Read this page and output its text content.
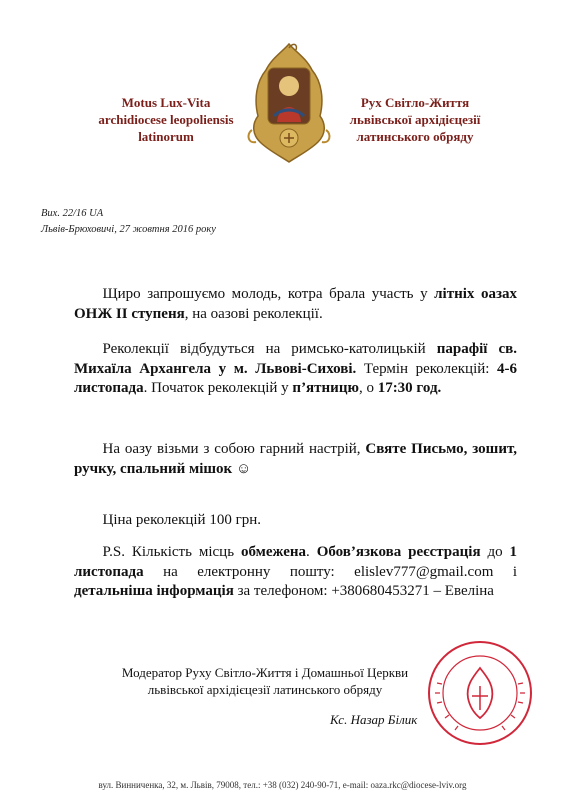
Motus Lux-Vita
archidiocese leopoliensis
latinorum
Рух Світло-Життя
львівської архідієцезії
латинського обряду
Вих. 22/16 UA
Львів-Брюховичі, 27 жовтня 2016 року
Щиро запрошуємо молодь, котра брала участь у літніх оазах ОНЖ ІІ ступеня, на оазові реколекції.
Реколекції відбудуться на римсько-католицькій парафії св. Михаїла Архангела у м. Львові-Сихові. Термін реколекцій: 4-6 листопада. Початок реколекцій у п’ятницю, о 17:30 год.
На оазу візьми з собою гарний настрій, Святе Письмо, зошит, ручку, спальний мішок ☺
Ціна реколекцій 100 грн.
P.S. Кількість місць обмежена. Обов’язкова реєстрація до 1 листопада на електронну пошту: elislev777@gmail.com і детальніша інформація за телефоном: +380680453271 – Евеліна
Модератор Руху Світло-Життя і Домашньої Церкви
львівської архідієцезії латинського обряду
Кс. Назар Білик
вул. Винниченка, 32, м. Львів, 79008, тел.: +38 (032) 240-90-71, e-mail: oaza.rkc@diocese-lviv.org
